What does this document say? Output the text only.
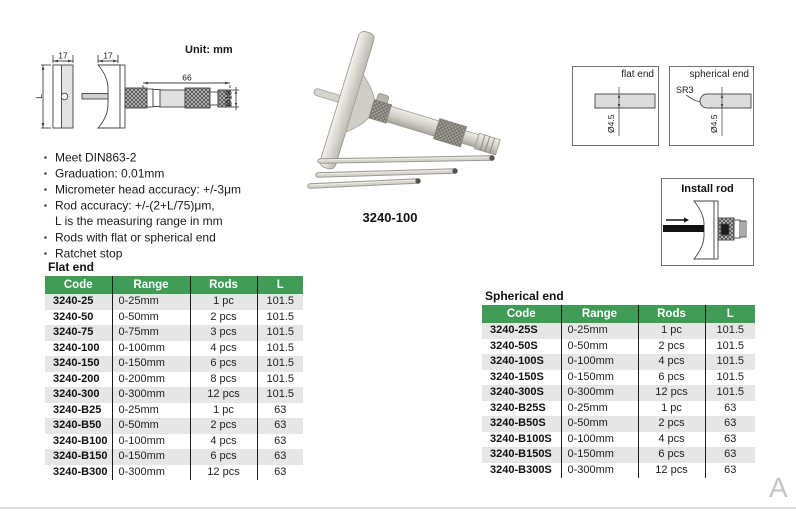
17
L
17
66
Ø18
Unit: mm
▪ Meet DIN863-2
▪ Graduation: 0.01mm
▪ Micrometer head accuracy: +/-3μm
▪ Rod accuracy: +/-(2+L/75)μm,
L is the measuring range in mm
▪ Rods with flat or spherical end
▪ Ratchet stop
3240-100
flat end
Ø4.5
spherical end
SR3
Ø4.5
Install rod
Flat end
Code	Range	Rods	L
3240-25	0-25mm	1 pc	101.5
3240-50	0-50mm	2 pcs	101.5
3240-75	0-75mm	3 pcs	101.5
3240-100	0-100mm	4 pcs	101.5
3240-150	0-150mm	6 pcs	101.5
3240-200	0-200mm	8 pcs	101.5
3240-300	0-300mm	12 pcs	101.5
3240-B25	0-25mm	1 pc	63
3240-B50	0-50mm	2 pcs	63
3240-B100	0-100mm	4 pcs	63
3240-B150	0-150mm	6 pcs	63
3240-B300	0-300mm	12 pcs	63
Spherical end
Code	Range	Rods	L
3240-25S	0-25mm	1 pc	101.5
3240-50S	0-50mm	2 pcs	101.5
3240-100S	0-100mm	4 pcs	101.5
3240-150S	0-150mm	6 pcs	101.5
3240-300S	0-300mm	12 pcs	101.5
3240-B25S	0-25mm	1 pc	63
3240-B50S	0-50mm	2 pcs	63
3240-B100S	0-100mm	4 pcs	63
3240-B150S	0-150mm	6 pcs	63
3240-B300S	0-300mm	12 pcs	63
A
